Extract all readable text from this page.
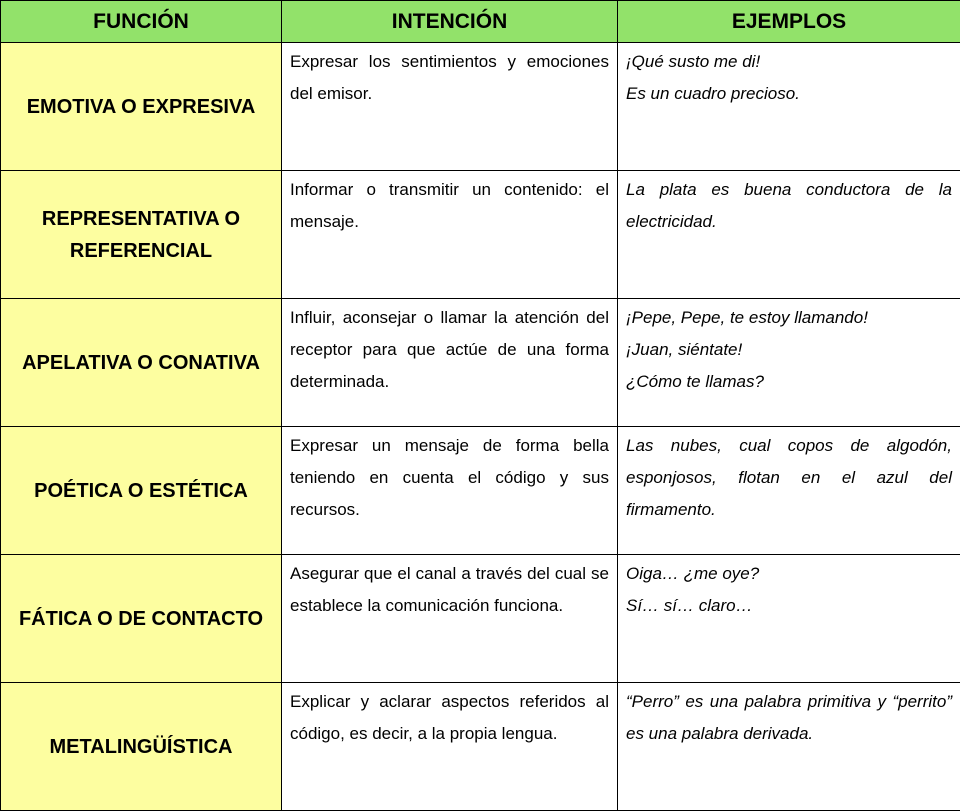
FUNCIÓN	INTENCIÓN	EJEMPLOS
EMOTIVA O EXPRESIVA	Expresar los sentimientos y emociones del emisor.	¡Qué susto me di!
Es un cuadro precioso.

REPRESENTATIVA O REFERENCIAL	Informar o transmitir un contenido: el mensaje.	La plata es buena conductora de la electricidad.

APELATIVA O CONATIVA	Influir, aconsejar o llamar la atención del receptor para que actúe de una forma determinada.	¡Pepe, Pepe, te estoy llamando!
¡Juan, siéntate!
¿Cómo te llamas?

POÉTICA O ESTÉTICA	Expresar un mensaje de forma bella teniendo en cuenta el código y sus recursos.	Las nubes, cual copos de algodón, esponjosos, flotan en el azul del firmamento.

FÁTICA O DE CONTACTO	Asegurar que el canal a través del cual se establece la comunicación funciona.	Oiga… ¿me oye?
Sí… sí… claro…

METALINGÜÍSTICA	Explicar y aclarar aspectos referidos al código, es decir, a la propia lengua.	“Perro” es una palabra primitiva y “perrito” es una palabra derivada.
